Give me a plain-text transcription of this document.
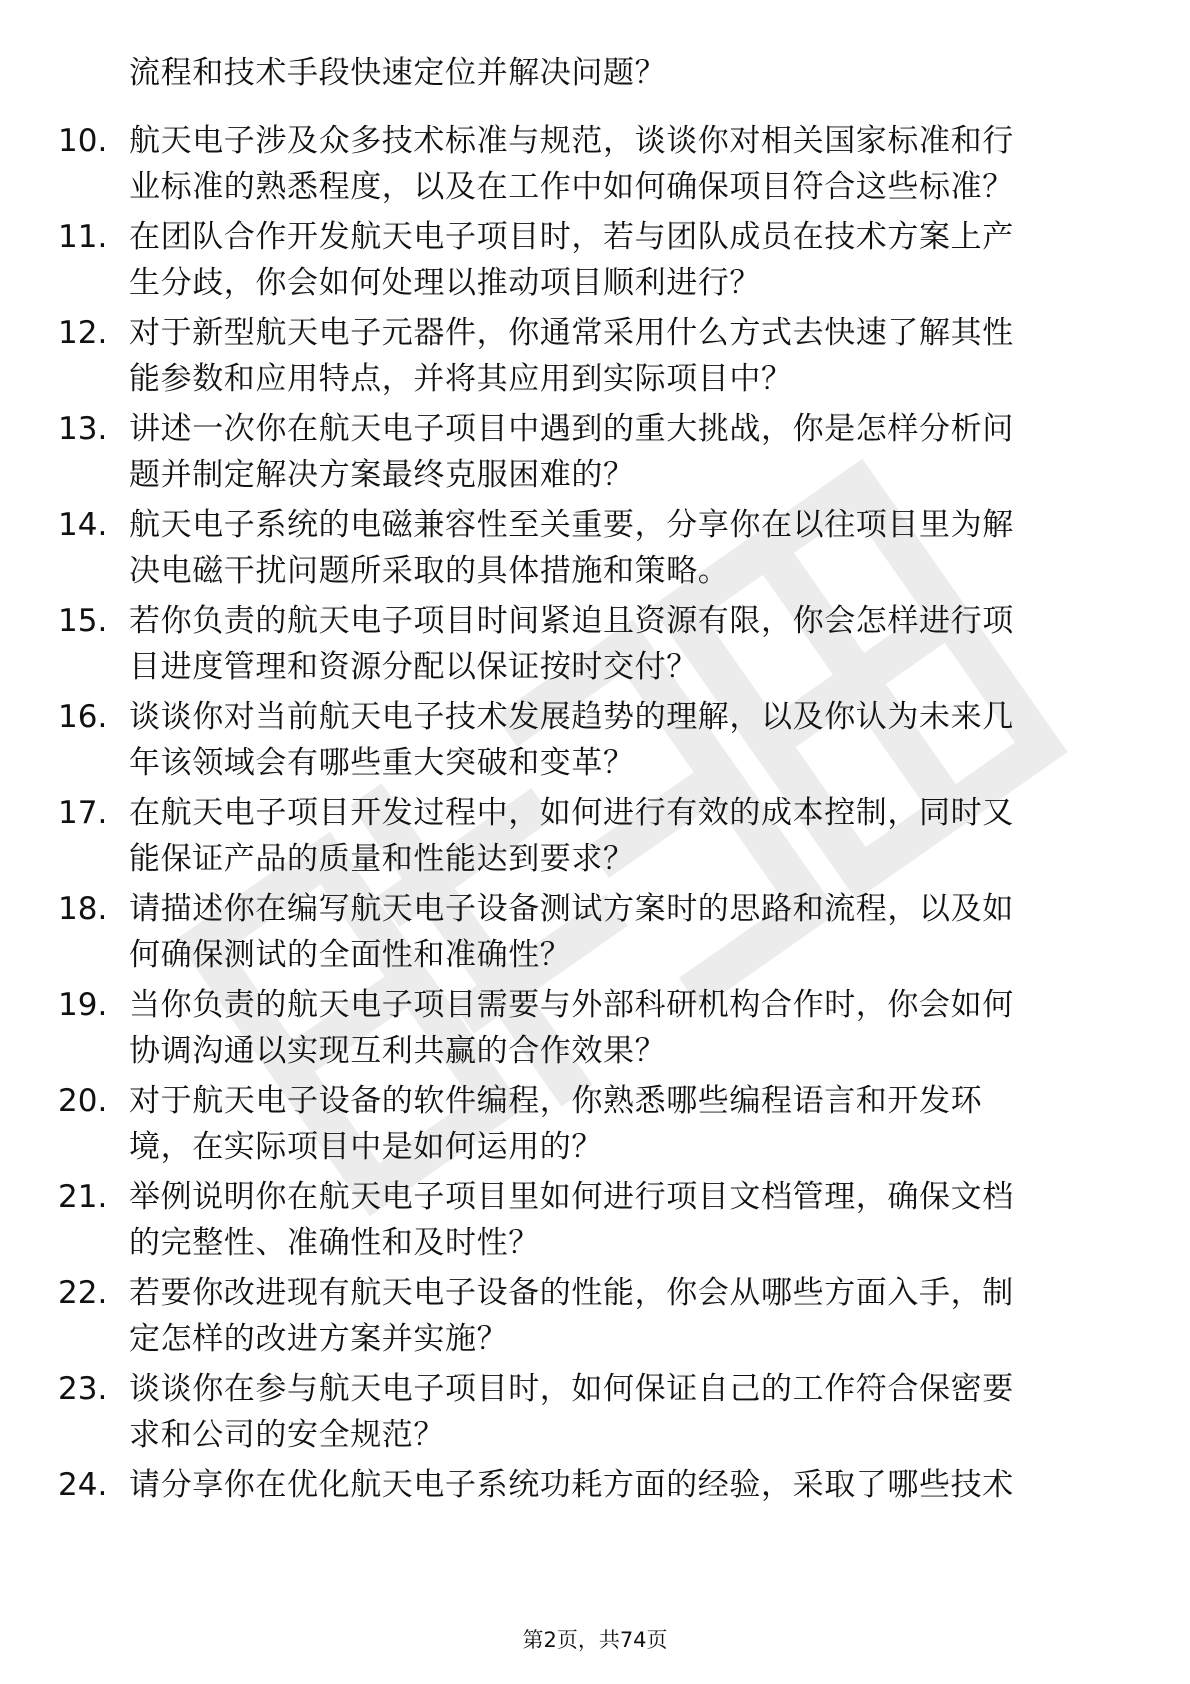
流程和技术手段快速定位并解决问题？
10. 航天电子涉及众多技术标准与规范，谈谈你对相关国家标准和行
业标准的熟悉程度，以及在工作中如何确保项目符合这些标准？
11. 在团队合作开发航天电子项目时，若与团队成员在技术方案上产
生分歧，你会如何处理以推动项目顺利进行？
12. 对于新型航天电子元器件，你通常采用什么方式去快速了解其性
能参数和应用特点，并将其应用到实际项目中？
13. 讲述一次你在航天电子项目中遇到的重大挑战，你是怎样分析问
题并制定解决方案最终克服困难的？
14. 航天电子系统的电磁兼容性至关重要，分享你在以往项目里为解
决电磁干扰问题所采取的具体措施和策略。
15. 若你负责的航天电子项目时间紧迫且资源有限，你会怎样进行项
目进度管理和资源分配以保证按时交付？
16. 谈谈你对当前航天电子技术发展趋势的理解，以及你认为未来几
年该领域会有哪些重大突破和变革？
17. 在航天电子项目开发过程中，如何进行有效的成本控制，同时又
能保证产品的质量和性能达到要求？
18. 请描述你在编写航天电子设备测试方案时的思路和流程，以及如
何确保测试的全面性和准确性？
19. 当你负责的航天电子项目需要与外部科研机构合作时，你会如何
协调沟通以实现互利共赢的合作效果？
20. 对于航天电子设备的软件编程，你熟悉哪些编程语言和开发环
境，在实际项目中是如何运用的？
21. 举例说明你在航天电子项目里如何进行项目文档管理，确保文档
的完整性、准确性和及时性？
22. 若要你改进现有航天电子设备的性能，你会从哪些方面入手，制
定怎样的改进方案并实施？
23. 谈谈你在参与航天电子项目时，如何保证自己的工作符合保密要
求和公司的安全规范？
24. 请分享你在优化航天电子系统功耗方面的经验，采取了哪些技术
第2页，共74页
